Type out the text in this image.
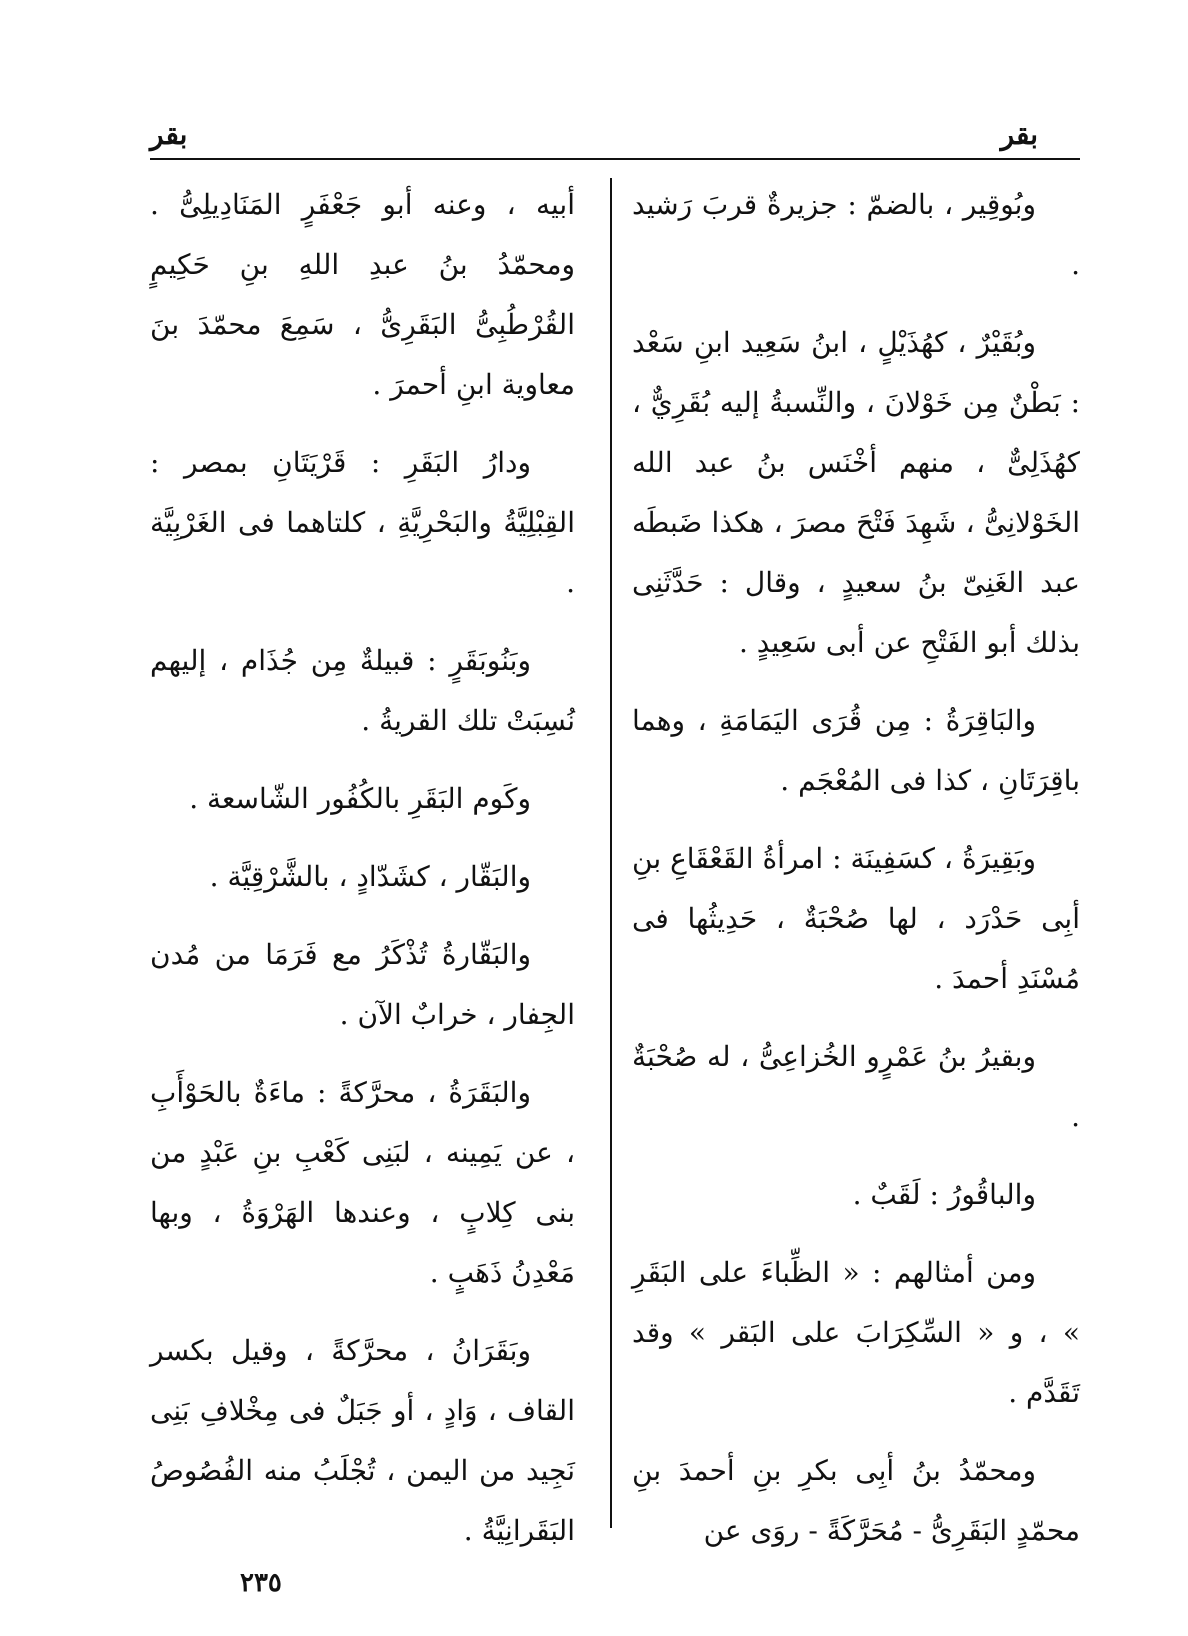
بقر
بقر

وبُوقِير ، بالضمّ : جزيرةٌ قربَ رَشيد .

وبُقَيْرٌ ، كهُذَيْلٍ ، ابنُ سَعِيد ابنِ سَعْد : بَطْنٌ مِن خَوْلانَ ، والنِّسبةُ إليه بُقَرِيٌّ ، كهُذَلِىٌّ ، منهم أخْنَس بنُ عبد الله الخَوْلانِىُّ ، شَهِدَ فَتْحَ مصرَ ، هكذا ضَبطَه عبد الغَنِىّ بنُ سعيدٍ ، وقال : حَدَّثَنِى بذلك أبو الفَتْحِ عن أبى سَعِيدٍ .

والبَاقِرَةُ : مِن قُرَى اليَمَامَةِ ، وهما باقِرَتَانِ ، كذا فى المُعْجَم .

وبَقِيرَةُ ، كسَفِينَة : امرأةُ القَعْقَاعِ بنِ أبِى حَدْرَد ، لها صُحْبَةٌ ، حَدِيثُها فى مُسْنَدِ أحمدَ .

وبقيرُ بنُ عَمْرٍو الخُزاعِىُّ ، له صُحْبَةٌ .

والباقُورُ : لَقَبٌ .

ومن أمثالهم : « الظِّباءَ على البَقَرِ » ، و « السِّكِرَابَ على البَقر » وقد تَقَدَّم .

ومحمّدُ بنُ أبِى بكرِ بنِ أحمدَ بنِ محمّدٍ البَقَرِىُّ - مُحَرَّكَةً - روَى عن

أبيه ، وعنه أبو جَعْفَرٍ المَنَادِيلِىُّ . ومحمّدُ بنُ عبدِ اللهِ بنِ حَكِيمٍ القُرْطُبِىُّ البَقَرِىُّ ، سَمِعَ محمّدَ بنَ معاوية ابنِ أحمرَ .

ودارُ البَقَرِ : قَرْيَتَانِ بمصر : القِبْلِيَّةُ والبَحْرِيَّةِ ، كلتاهما فى الغَرْبِيَّة .

وبَنُوبَقَرٍ : قبيلةٌ مِن جُذَام ، إليهم نُسِبَتْ تلك القريةُ .

وكَوم البَقَرِ بالكُفُور الشّاسعة .

والبَقّار ، كشَدّادٍ ، بالشَّرْقِيَّة .

والبَقّارةُ تُذْكَرُ مع فَرَمَا من مُدن الجِفار ، خرابٌ الآن .

والبَقَرَةُ ، محرَّكةً : ماءَةٌ بالحَوْأَبِ ، عن يَمِينه ، لبَنِى كَعْبِ بنِ عَبْدٍ من بنى كِلابٍ ، وعندها الهَرْوَةُ ، وبها مَعْدِنُ ذَهَبٍ .

وبَقَرَانُ ، محرَّكةً ، وقيل بكسر القاف ، وَادٍ ، أو جَبَلٌ فى مِخْلافِ بَنِى نَجِيد من اليمن ، تُجْلَبُ منه الفُصُوصُ البَقَرانِيَّةُ .

٢٣٥
